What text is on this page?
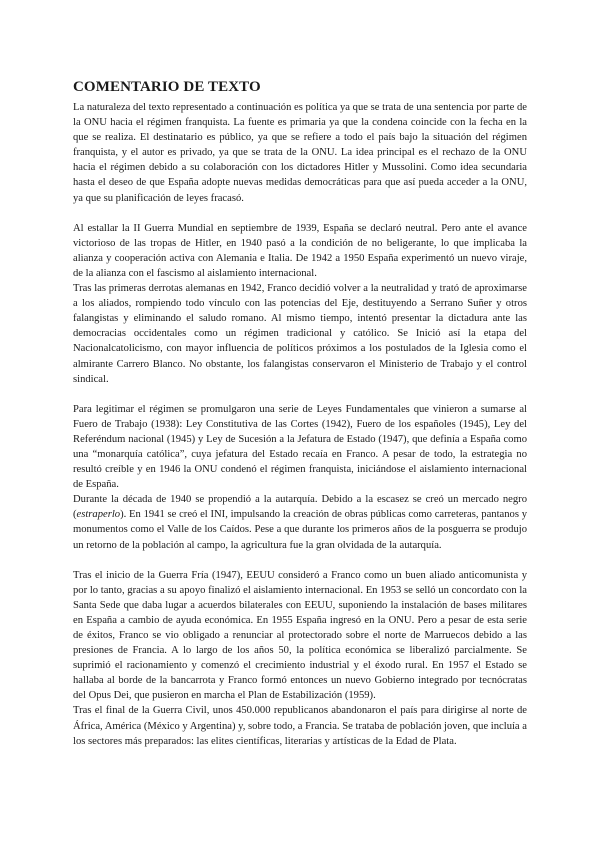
COMENTARIO DE TEXTO

La naturaleza del texto representado a continuación es política ya que se trata de una sentencia por parte de la ONU hacia el régimen franquista. La fuente es primaria ya que la condena coincide con la fecha en la que se realiza. El destinatario es público, ya que se refiere a todo el país bajo la situación del régimen franquista, y el autor es privado, ya que se trata de la ONU. La idea principal es el rechazo de la ONU hacia el régimen debido a su colaboración con los dictadores Hitler y Mussolini. Como idea secundaria hasta el deseo de que España adopte nuevas medidas democráticas para que así pueda acceder a la ONU, ya que su planificación de leyes fracasó.

Al estallar la II Guerra Mundial en septiembre de 1939, España se declaró neutral. Pero ante el avance victorioso de las tropas de Hitler, en 1940 pasó a la condición de no beligerante, lo que implicaba la alianza y cooperación activa con Alemania e Italia. De 1942 a 1950 España experimentó un nuevo viraje, de la alianza con el fascismo al aislamiento internacional.

Tras las primeras derrotas alemanas en 1942, Franco decidió volver a la neutralidad y trató de aproximarse a los aliados, rompiendo todo vínculo con las potencias del Eje, destituyendo a Serrano Suñer y otros falangistas y eliminando el saludo romano. Al mismo tiempo, intentó presentar la dictadura ante las democracias occidentales como un régimen tradicional y católico. Se Inició así la etapa del Nacionalcatolicismo, con mayor influencia de políticos próximos a los postulados de la Iglesia como el almirante Carrero Blanco. No obstante, los falangistas conservaron el Ministerio de Trabajo y el control sindical.

Para legitimar el régimen se promulgaron una serie de Leyes Fundamentales que vinieron a sumarse al Fuero de Trabajo (1938): Ley Constitutiva de las Cortes (1942), Fuero de los españoles (1945), Ley del Referéndum nacional (1945) y Ley de Sucesión a la Jefatura de Estado (1947), que definía a España como una “monarquía católica”, cuya jefatura del Estado recaía en Franco. A pesar de todo, la estrategia no resultó creíble y en 1946 la ONU condenó el régimen franquista, iniciándose el aislamiento internacional de España.

Durante la década de 1940 se propendió a la autarquía. Debido a la escasez se creó un mercado negro (estraperlo). En 1941 se creó el INI, impulsando la creación de obras públicas como carreteras, pantanos y monumentos como el Valle de los Caídos. Pese a que durante los primeros años de la posguerra se produjo un retorno de la población al campo, la agricultura fue la gran olvidada de la autarquía.

Tras el inicio de la Guerra Fría (1947), EEUU consideró a Franco como un buen aliado anticomunista y por lo tanto, gracias a su apoyo finalizó el aislamiento internacional. En 1953 se selló un concordato con la Santa Sede que daba lugar a acuerdos bilaterales con EEUU, suponiendo la instalación de bases militares en España a cambio de ayuda económica. En 1955 España ingresó en la ONU. Pero a pesar de esta serie de éxitos, Franco se vio obligado a renunciar al protectorado sobre el norte de Marruecos debido a las presiones de Francia. A lo largo de los años 50, la política económica se liberalizó parcialmente. Se suprimió el racionamiento y comenzó el crecimiento industrial y el éxodo rural. En 1957 el Estado se hallaba al borde de la bancarrota y Franco formó entonces un nuevo Gobierno integrado por tecnócratas del Opus Dei, que pusieron en marcha el Plan de Estabilización (1959).

Tras el final de la Guerra Civil, unos 450.000 republicanos abandonaron el país para dirigirse al norte de África, América (México y Argentina) y, sobre todo, a Francia. Se trataba de población joven, que incluía a los sectores más preparados: las elites científicas, literarias y artísticas de la Edad de Plata.
